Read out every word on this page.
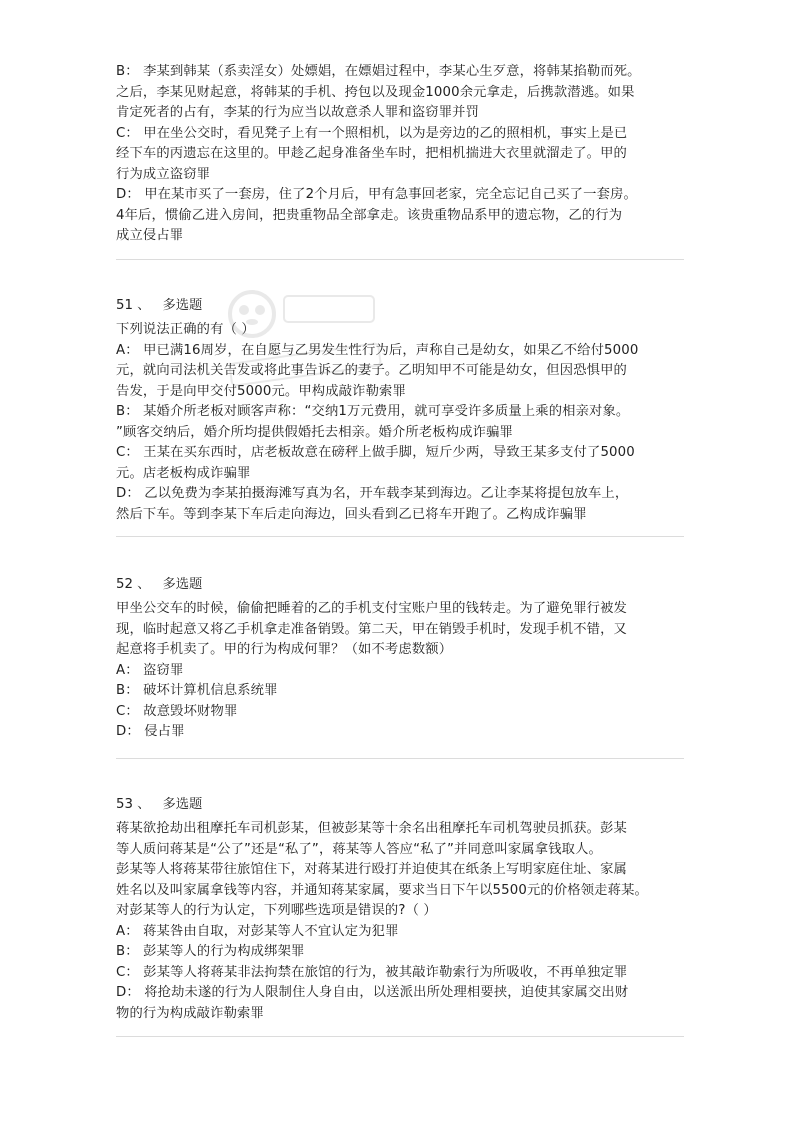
B： 李某到韩某（系卖淫女）处嫖娼，在嫖娼过程中，李某心生歹意，将韩某掐勒而死。
之后，李某见财起意，将韩某的手机、挎包以及现金1000余元拿走，后携款潜逃。如果
肯定死者的占有，李某的行为应当以故意杀人罪和盗窃罪并罚
C： 甲在坐公交时，看见凳子上有一个照相机，以为是旁边的乙的照相机，事实上是已
经下车的丙遗忘在这里的。甲趁乙起身准备坐车时，把相机揣进大衣里就溜走了。甲的
行为成立盗窃罪
D： 甲在某市买了一套房，住了2个月后，甲有急事回老家，完全忘记自己买了一套房。
4年后，惯偷乙进入房间，把贵重物品全部拿走。该贵重物品系甲的遗忘物，乙的行为
成立侵占罪
51 、 多选题
下列说法正确的有（ ）
A： 甲已满16周岁，在自愿与乙男发生性行为后，声称自己是幼女，如果乙不给付5000
元，就向司法机关告发或将此事告诉乙的妻子。乙明知甲不可能是幼女，但因恐惧甲的
告发，于是向甲交付5000元。甲构成敲诈勒索罪
B： 某婚介所老板对顾客声称：“交纳1万元费用，就可享受许多质量上乘的相亲对象。
”顾客交纳后，婚介所均提供假婚托去相亲。婚介所老板构成诈骗罪
C： 王某在买东西时，店老板故意在磅秤上做手脚，短斤少两，导致王某多支付了5000
元。店老板构成诈骗罪
D： 乙以免费为李某拍摄海滩写真为名，开车载李某到海边。乙让李某将提包放车上，
然后下车。等到李某下车后走向海边，回头看到乙已将车开跑了。乙构成诈骗罪
52 、 多选题
甲坐公交车的时候，偷偷把睡着的乙的手机支付宝账户里的钱转走。为了避免罪行被发
现，临时起意又将乙手机拿走准备销毁。第二天，甲在销毁手机时，发现手机不错，又
起意将手机卖了。甲的行为构成何罪？（如不考虑数额）
A： 盗窃罪
B： 破坏计算机信息系统罪
C： 故意毁坏财物罪
D： 侵占罪
53 、 多选题
蒋某欲抢劫出租摩托车司机彭某，但被彭某等十余名出租摩托车司机驾驶员抓获。彭某
等人质问蒋某是“公了”还是“私了”，蒋某等人答应“私了”并同意叫家属拿钱取人。
彭某等人将蒋某带往旅馆住下，对蒋某进行殴打并迫使其在纸条上写明家庭住址、家属
姓名以及叫家属拿钱等内容，并通知蒋某家属，要求当日下午以5500元的价格领走蒋某。
对彭某等人的行为认定，下列哪些选项是错误的?（ ）
A： 蒋某咎由自取，对彭某等人不宜认定为犯罪
B： 彭某等人的行为构成绑架罪
C： 彭某等人将蒋某非法拘禁在旅馆的行为，被其敲诈勒索行为所吸收，不再单独定罪
D： 将抢劫未遂的行为人限制住人身自由，以送派出所处理相要挟，迫使其家属交出财
物的行为构成敲诈勒索罪
